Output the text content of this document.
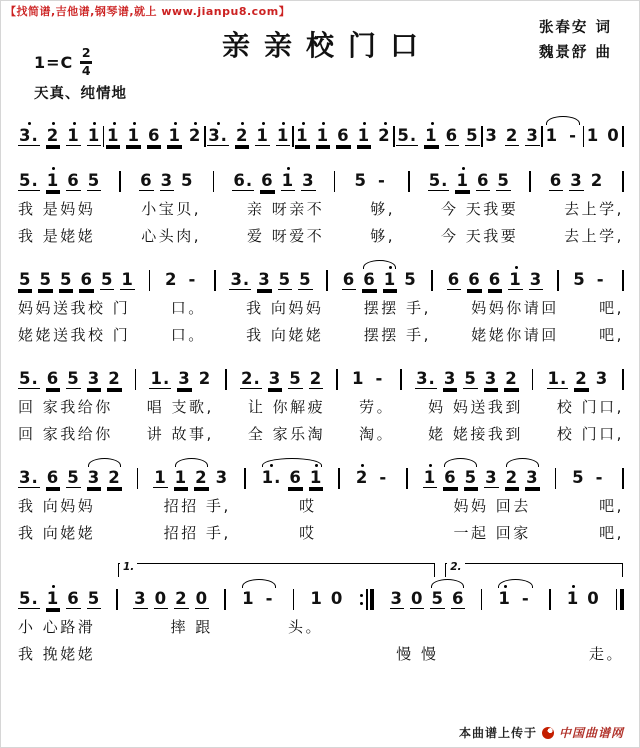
【找简谱,吉他谱,钢琴谱,就上 www.jianpu8.com】
亲亲校门口
张春安 词
魏景舒 曲
1=C
2
4
天真、纯情地
3. 2 1 1 1 1 6 1 2 3. 2 1 1 1 1 6 1 2 5. 1 6 5 3 2 3 1 - 1 0
5. 1 6 5 6 3 5 6. 6 1 3 5 -	5. 1 6 5 6 3 2
我 是妈妈	小宝贝,	亲 呀亲不	够,	今 天我要	去上学,
我 是姥姥	心头肉,	爱 呀爱不	够,	今 天我要	去上学,
5 5 5 6 5 1 2 - 3. 3 5 5 6 6 1 5 6 6 6 1 3 5 -
妈妈送我校 门	口。	我 向妈妈	摆摆 手,	妈妈你请回	吧,
姥姥送我校 门	口。	我 向姥姥	摆摆 手,	姥姥你请回	吧,
5. 6 5 3 2 1. 3 2 2. 3 5 2 1 - 3. 3 5 3 2 1. 2 3
回 家我给你 唱 支歌, 让 你解疲 劳。 妈 妈送我到 校 门口,
回 家我给你 讲 故事, 全 家乐淘 淘。 姥 姥接我到 校 门口,
3. 6 5 3 2 1 1 2 3 1. 6 1 2 - 1 6 5 3 2 3 5 -
我 向妈妈	招招 手,	哎	妈妈 回去	吧,
我 向姥姥	招招 手,	哎	一起 回家	吧,
1.	2.
5. 1 6 5 3 0 2 0 1 - 1 0	3 0 5 6 1 - 1 0
小 心路滑	摔 跟	头。
我 挽姥姥	慢 慢	走。
本曲谱上传于 中国曲谱网
